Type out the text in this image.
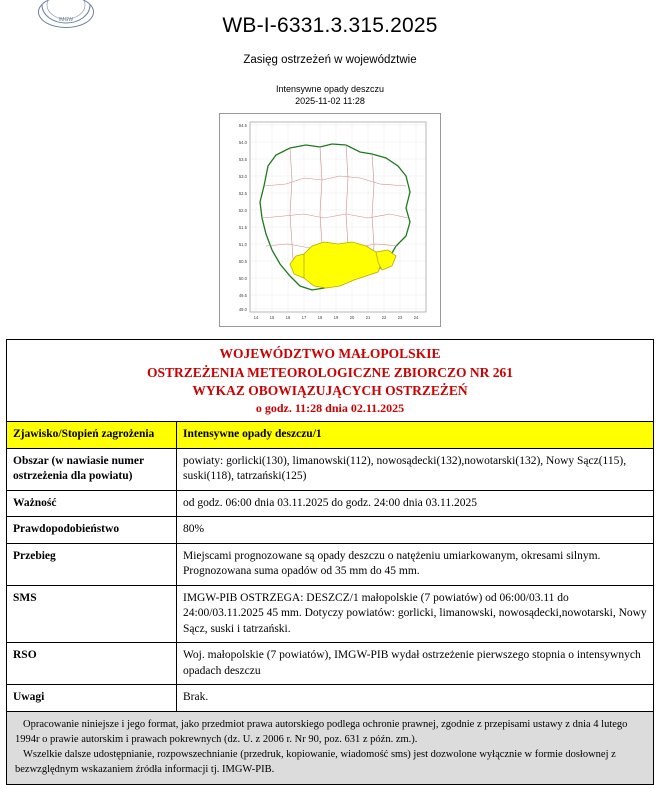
IMGW	WB-I-6331.3.315.2025
Zasięg ostrzeżeń w województwie
Intensywne opady deszczu
2025-11-02 11:28
54.5
54.0
53.5
53.0
52.5
52.0
51.5
51.0
50.5
50.0
49.5
49.0
14	15	16	17	18	19	20	21	22	23	24
WOJEWÓDZTWO MAŁOPOLSKIE
OSTRZEŻENIA METEOROLOGICZNE ZBIORCZO NR 261
WYKAZ OBOWIĄZUJĄCYCH OSTRZEŻEŃ
o godz. 11:28 dnia 02.11.2025	

Zjawisko/Stopień zagrożenia	Intensywne opady deszczu/1
Obszar (w nawiasie numer ostrzeżenia dla powiatu)	powiaty: gorlicki(130), limanowski(112), nowosądecki(132),nowotarski(132), Nowy Sącz(115), suski(118), tatrzański(125)
Ważność	od godz. 06:00 dnia 03.11.2025 do godz. 24:00 dnia 03.11.2025
Prawdopodobieństwo	80%
Przebieg	Miejscami prognozowane są opady deszczu o natężeniu umiarkowanym, okresami silnym. Prognozowana suma opadów od 35 mm do 45 mm.
SMS	IMGW-PIB OSTRZEGA: DESZCZ/1 małopolskie (7 powiatów) od 06:00/03.11 do 24:00/03.11.2025 45 mm. Dotyczy powiatów: gorlicki, limanowski, nowosądecki,nowotarski, Nowy Sącz, suski i tatrzański.
RSO	Woj. małopolskie (7 powiatów), IMGW-PIB wydał ostrzeżenie pierwszego stopnia o intensywnych opadach deszczu
Uwagi	Brak.

Opracowanie niniejsze i jego format, jako przedmiot prawa autorskiego podlega ochronie prawnej, zgodnie z przepisami ustawy z dnia 4 lutego 1994r o prawie autorskim i prawach pokrewnych (dz. U. z 2006 r. Nr 90, poz. 631 z późn. zm.).

Wszelkie dalsze udostępnianie, rozpowszechnianie (przedruk, kopiowanie, wiadomość sms) jest dozwolone wyłącznie w formie dosłownej z bezwzględnym wskazaniem źródła informacji tj. IMGW-PIB.
